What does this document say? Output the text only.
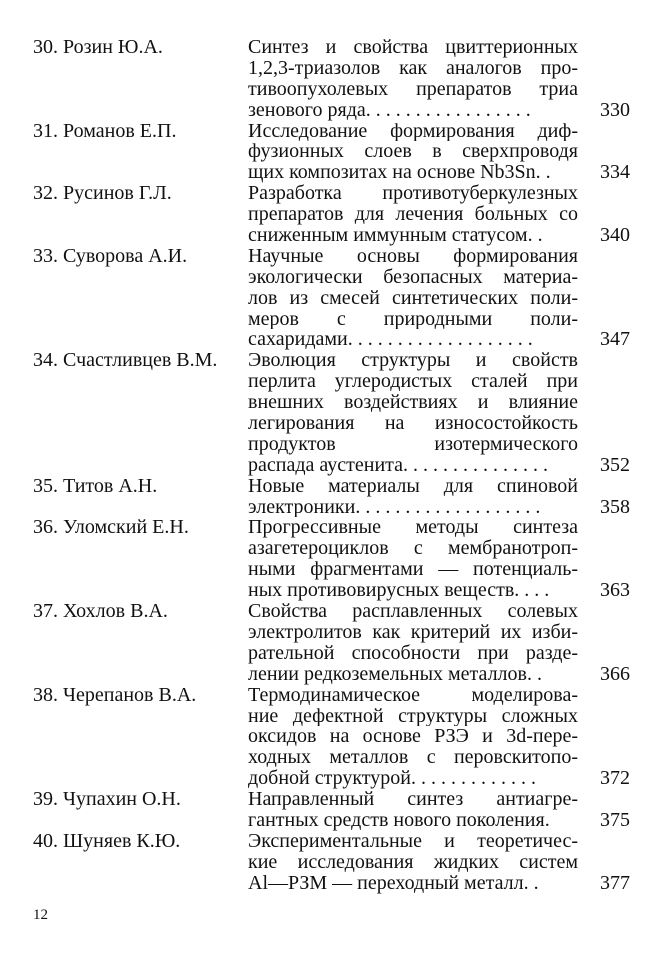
30. Розин Ю.А.	Синтез и свойства цвиттерионных
1,2,3-триазолов как аналогов про-
тивоопухолевых препаратов триа
зенового ряда. . . . . . . . . . . . . . . . .	330
31. Романов Е.П.	Исследование формирования диф-
фузионных слоев в сверхпроводя
щих композитах на основе Nb3Sn. .	334
32. Русинов Г.Л.	Разработка противотуберкулезных
препаратов для лечения больных со
сниженным иммунным статусом. .	340
33. Суворова А.И.	Научные основы формирования
экологически безопасных материа-
лов из смесей синтетических поли-
меров с природными поли-
сахаридами. . . . . . . . . . . . . . . . . . .	347
34. Счастливцев В.М.	Эволюция структуры и свойств
перлита углеродистых сталей при
внешних воздействиях и влияние
легирования на износостойкость
продуктов изотермического
распада аустенита. . . . . . . . . . . . . . .	352
35. Титов А.Н.	Новые материалы для спиновой
электроники. . . . . . . . . . . . . . . . . . .	358
36. Уломский Е.Н.	Прогрессивные методы синтеза
азагетероциклов с мембранотроп-
ными фрагментами — потенциаль-
ных противовирусных веществ. . . .	363
37. Хохлов В.А.	Свойства расплавленных солевых
электролитов как критерий их изби-
рательной способности при разде-
лении редкоземельных металлов. .	366
38. Черепанов В.А.	Термодинамическое моделирова-
ние дефектной структуры сложных
оксидов на основе РЗЭ и 3d-пере-
ходных металлов с перовскитопо-
добной структурой. . . . . . . . . . . . .	372
39. Чупахин О.Н.	Направленный синтез антиагре-
гантных средств нового поколения.	375
40. Шуняев К.Ю.	Экспериментальные и теоретичес-
кие исследования жидких систем
Al—РЗМ — переходный металл. .	377
12
